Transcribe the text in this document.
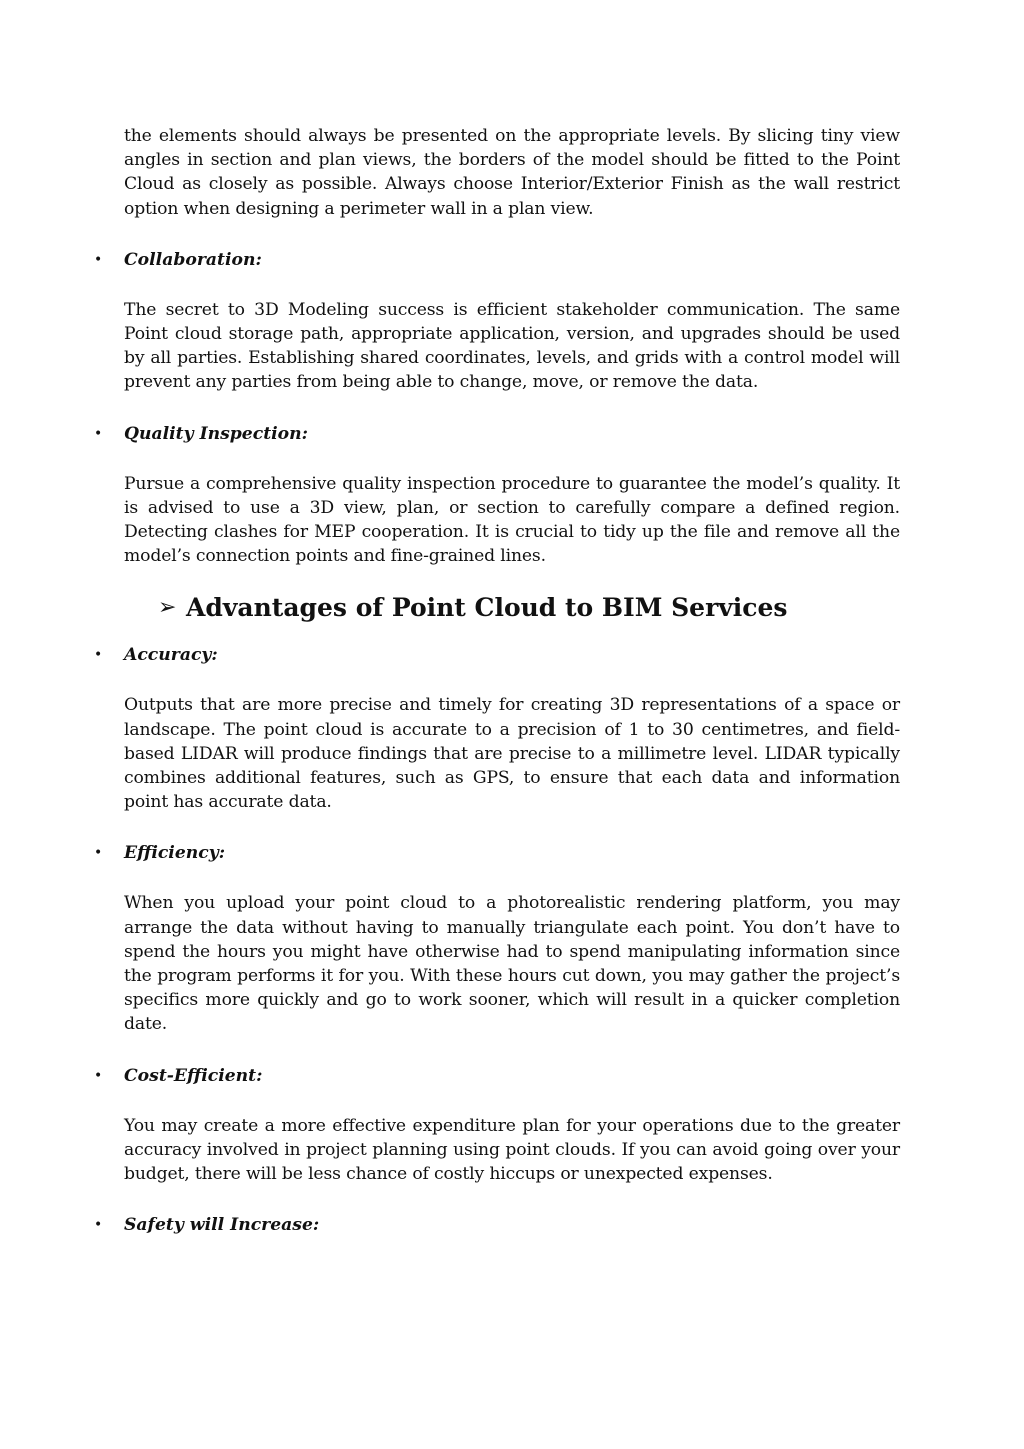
the elements should always be presented on the appropriate levels. By slicing tiny view angles in section and plan views, the borders of the model should be fitted to the Point Cloud as closely as possible. Always choose Interior/Exterior Finish as the wall restrict option when designing a perimeter wall in a plan view.

• Collaboration:

The secret to 3D Modeling success is efficient stakeholder communication. The same Point cloud storage path, appropriate application, version, and upgrades should be used by all parties. Establishing shared coordinates, levels, and grids with a control model will prevent any parties from being able to change, move, or remove the data.

• Quality Inspection:

Pursue a comprehensive quality inspection procedure to guarantee the model’s quality. It is advised to use a 3D view, plan, or section to carefully compare a defined region. Detecting clashes for MEP cooperation. It is crucial to tidy up the file and remove all the model’s connection points and fine-grained lines.

➢ Advantages of Point Cloud to BIM Services

• Accuracy:

Outputs that are more precise and timely for creating 3D representations of a space or landscape. The point cloud is accurate to a precision of 1 to 30 centimetres, and field-based LIDAR will produce findings that are precise to a millimetre level. LIDAR typically combines additional features, such as GPS, to ensure that each data and information point has accurate data.

• Efficiency:

When you upload your point cloud to a photorealistic rendering platform, you may arrange the data without having to manually triangulate each point. You don’t have to spend the hours you might have otherwise had to spend manipulating information since the program performs it for you. With these hours cut down, you may gather the project’s specifics more quickly and go to work sooner, which will result in a quicker completion date.

• Cost-Efficient:

You may create a more effective expenditure plan for your operations due to the greater accuracy involved in project planning using point clouds. If you can avoid going over your budget, there will be less chance of costly hiccups or unexpected expenses.

• Safety will Increase:
